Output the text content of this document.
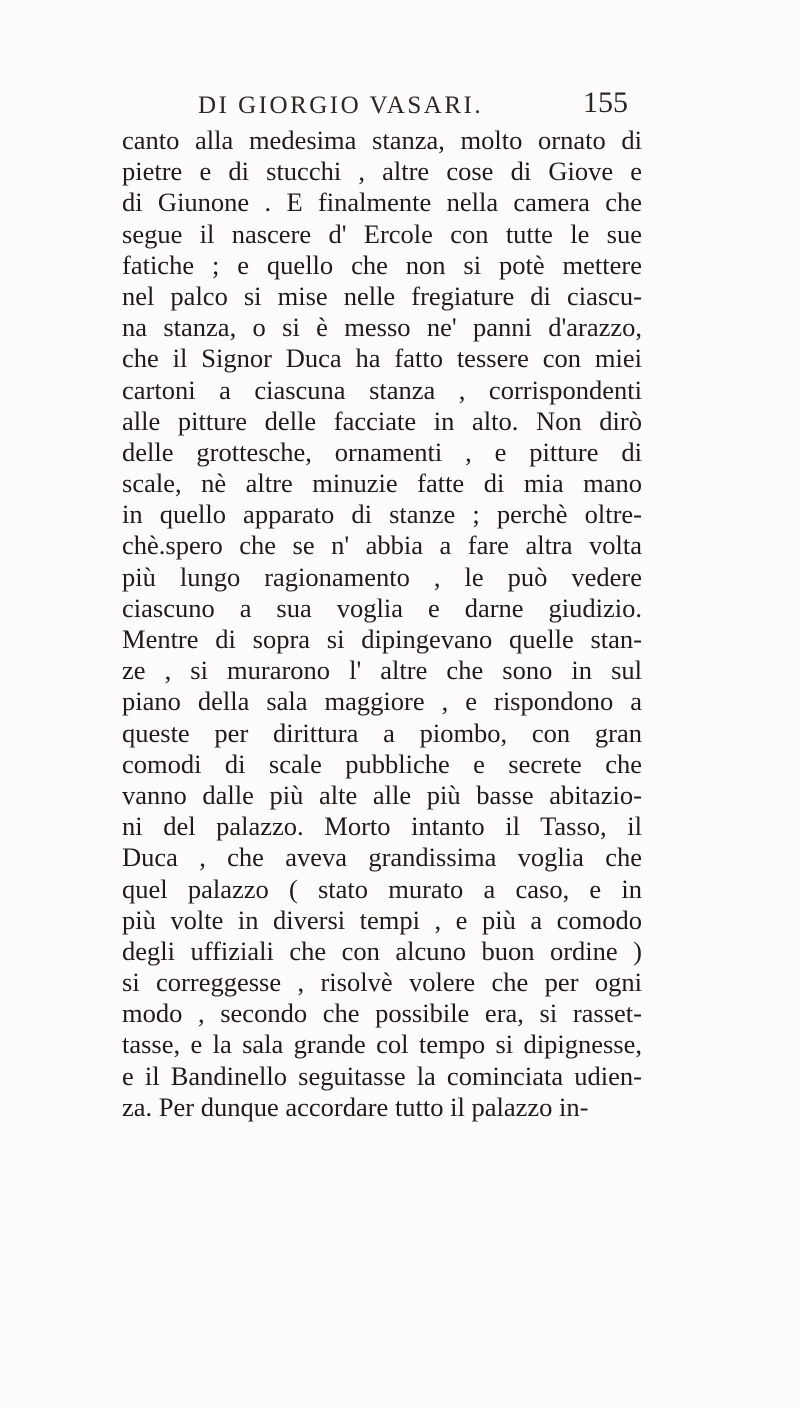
DI GIORGIO VASARI.	155
canto alla medesima stanza, molto ornato di
pietre e di stucchi , altre cose di Giove e
di Giunone . E finalmente nella camera che
segue il nascere d' Ercole con tutte le sue
fatiche ; e quello che non si potè mettere
nel palco si mise nelle fregiature di ciascu-
na stanza, o si è messo ne' panni d'arazzo,
che il Signor Duca ha fatto tessere con miei
cartoni a ciascuna stanza , corrispondenti
alle pitture delle facciate in alto. Non dirò
delle grottesche, ornamenti , e pitture di
scale, nè altre minuzie fatte di mia mano
in quello apparato di stanze ; perchè oltre-
chè.spero che se n' abbia a fare altra volta
più lungo ragionamento , le può vedere
ciascuno a sua voglia e darne giudizio.
Mentre di sopra si dipingevano quelle stan-
ze , si murarono l' altre che sono in sul
piano della sala maggiore , e rispondono a
queste per dirittura a piombo, con gran
comodi di scale pubbliche e secrete che
vanno dalle più alte alle più basse abitazio-
ni del palazzo. Morto intanto il Tasso, il
Duca , che aveva grandissima voglia che
quel palazzo ( stato murato a caso, e in
più volte in diversi tempi , e più a comodo
degli uffiziali che con alcuno buon ordine )
si correggesse , risolvè volere che per ogni
modo , secondo che possibile era, si rasset-
tasse, e la sala grande col tempo si dipignesse,
e il Bandinello seguitasse la cominciata udien-
za. Per dunque accordare tutto il palazzo in-
